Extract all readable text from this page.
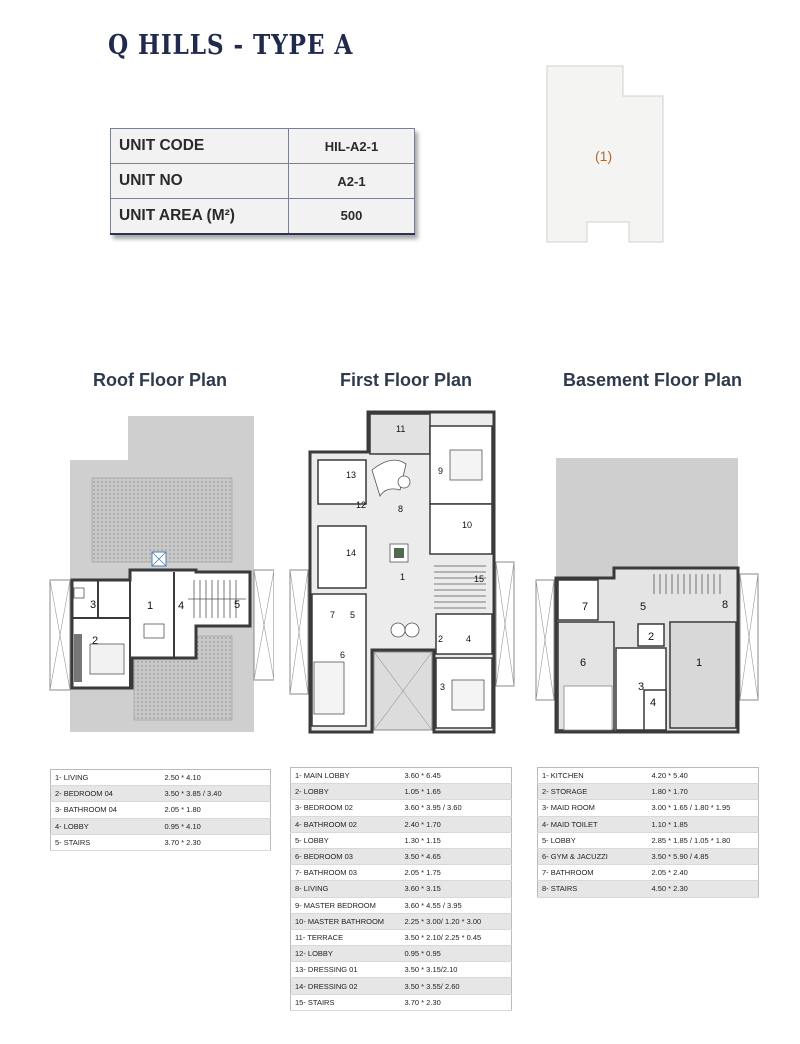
Q HILLS - TYPE A
UNIT CODE	HIL-A2-1
UNIT NO	A2-1
UNIT AREA (M²)	500
(1)
Roof Floor Plan	First Floor Plan	Basement Floor Plan
1
2
3	4	5
1
2
3
4
5
6
7
8
9
10
11
12
13
14
15
1
2
3
4
5
6
7	8
1- LIVING	2.50 * 4.10
2- BEDROOM 04	3.50 * 3.85 / 3.40
3- BATHROOM 04	2.05 * 1.80
4- LOBBY	0.95 * 4.10
5- STAIRS	3.70 * 2.30
1- MAIN LOBBY	3.60 * 6.45
2- LOBBY	1.05 * 1.65
3- BEDROOM 02	3.60 * 3.95 / 3.60
4- BATHROOM 02	2.40 * 1.70
5- LOBBY	1.30 * 1.15
6- BEDROOM 03	3.50 * 4.65
7- BATHROOM 03	2.05 * 1.75
8- LIVING	3.60 * 3.15
9- MASTER BEDROOM	3.60 * 4.55 / 3.95
10- MASTER BATHROOM	2.25 * 3.00/ 1.20 * 3.00
11- TERRACE	3.50 * 2.10/ 2.25 * 0.45
12- LOBBY	0.95 * 0.95
13- DRESSING 01	3.50 * 3.15/2.10
14- DRESSING 02	3.50 * 3.55/ 2.60
15- STAIRS	3.70 * 2.30
1- KITCHEN	4.20 * 5.40
2- STORAGE	1.80 * 1.70
3- MAID ROOM	3.00 * 1.65 / 1.80 * 1.95
4- MAID TOILET	1.10 * 1.85
5- LOBBY	2.85 * 1.85 / 1.05 * 1.80
6- GYM & JACUZZI	3.50 * 5.90 / 4.85
7- BATHROOM	2.05 * 2.40
8- STAIRS	4.50 * 2.30
